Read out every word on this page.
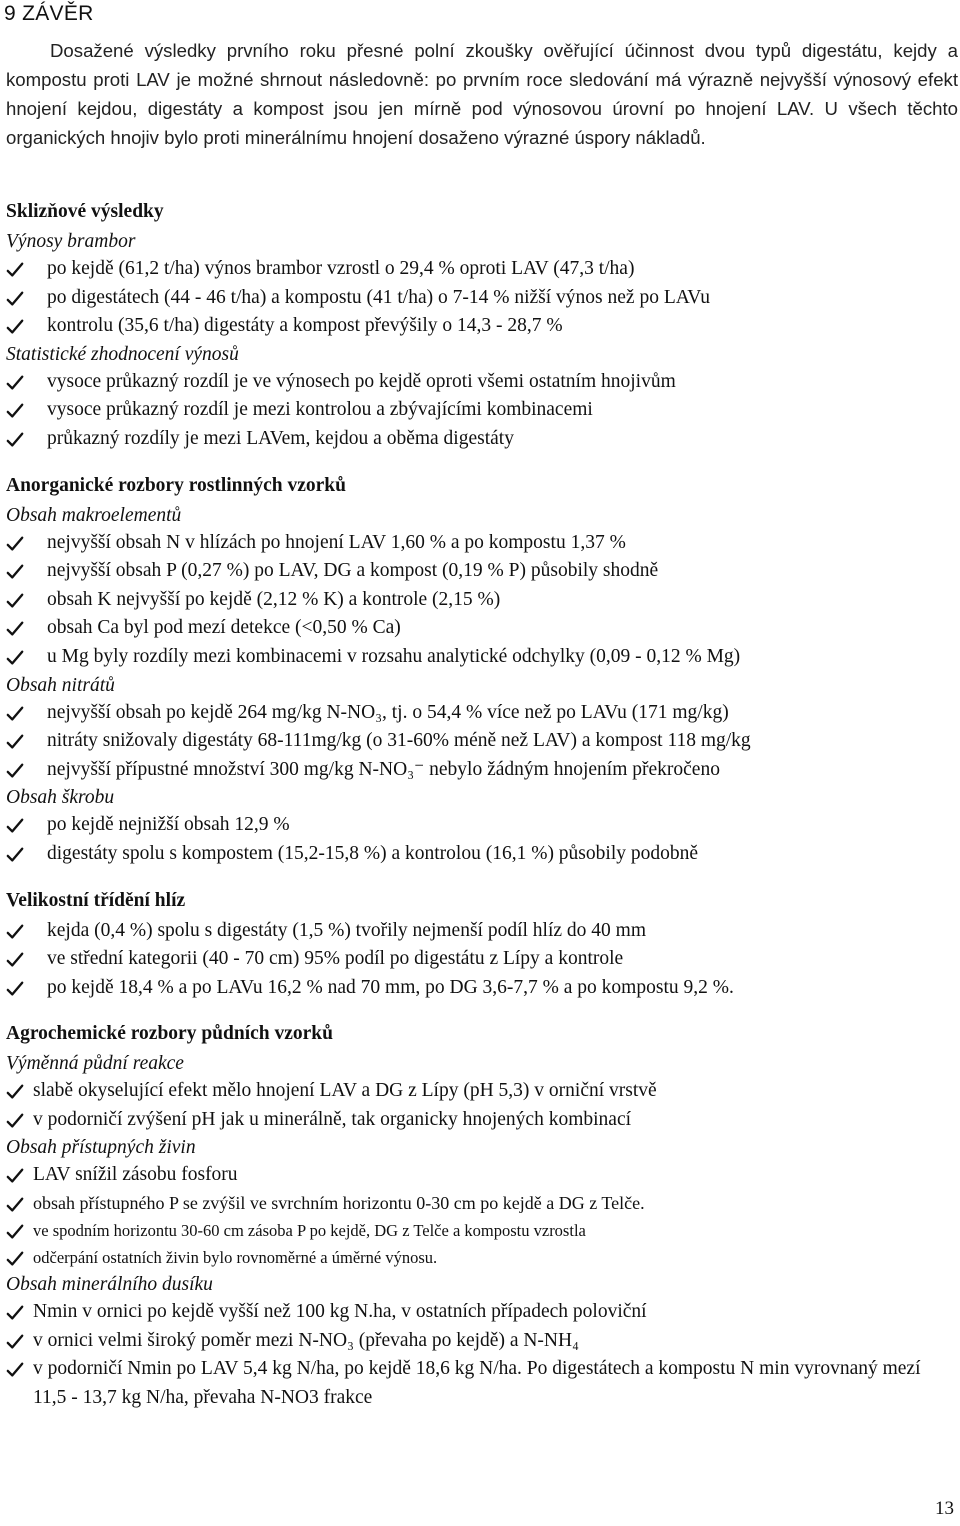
9 ZÁVĚR

Dosažené výsledky prvního roku přesné polní zkoušky ověřující účinnost dvou typů digestátu, kejdy a kompostu proti LAV je možné shrnout následovně: po prvním roce sledování má výrazně nejvyšší výnosový efekt hnojení kejdou, digestáty a kompost jsou jen mírně pod výnosovou úrovní po hnojení LAV. U všech těchto organických hnojiv bylo proti minerálnímu hnojení dosaženo výrazné úspory nákladů.

Sklizňové výsledky
Výnosy brambor
po kejdě (61,2 t/ha) výnos brambor vzrostl o 29,4 % oproti LAV (47,3 t/ha)
po digestátech (44 - 46 t/ha) a kompostu (41 t/ha) o 7-14 % nižší výnos než po LAVu
kontrolu (35,6 t/ha) digestáty a kompost převýšily o 14,3 - 28,7 %
Statistické zhodnocení výnosů
vysoce průkazný rozdíl je ve výnosech po kejdě oproti všemi ostatním hnojivům
vysoce průkazný rozdíl je mezi kontrolou a zbývajícími kombinacemi
průkazný rozdíly je mezi LAVem, kejdou a oběma digestáty
Anorganické rozbory rostlinných vzorků
Obsah makroelementů
nejvyšší obsah N v hlízách po hnojení LAV 1,60 % a po kompostu 1,37 %
nejvyšší obsah P (0,27 %) po LAV, DG a kompost (0,19 % P) působily shodně
obsah K nejvyšší po kejdě (2,12 % K) a kontrole (2,15 %)
obsah Ca byl pod mezí detekce (<0,50 % Ca)
u Mg byly rozdíly mezi kombinacemi v rozsahu analytické odchylky (0,09 - 0,12 % Mg)
Obsah nitrátů
nejvyšší obsah po kejdě 264 mg/kg N-NO₃, tj. o 54,4 % více než po LAVu (171 mg/kg)
nitráty snižovaly digestáty 68-111mg/kg (o 31-60% méně než LAV) a kompost 118 mg/kg
nejvyšší přípustné množství 300 mg/kg N-NO₃⁻ nebylo žádným hnojením překročeno
Obsah škrobu
po kejdě nejnižší obsah 12,9 %
digestáty spolu s kompostem (15,2-15,8 %) a kontrolou (16,1 %) působily podobně
Velikostní třídění hlíz
kejda (0,4 %) spolu s digestáty (1,5 %) tvořily nejmenší podíl hlíz do 40 mm
ve střední kategorii (40 - 70 cm) 95% podíl po digestátu z Lípy a kontrole
po kejdě 18,4 % a po LAVu 16,2 % nad 70 mm, po DG 3,6-7,7 % a po kompostu 9,2 %.
Agrochemické rozbory půdních vzorků
Výměnná půdní reakce
slabě okyselující efekt mělo hnojení LAV a DG z Lípy (pH 5,3) v orniční vrstvě
v podorničí zvýšení pH jak u minerálně, tak organicky hnojených kombinací
Obsah přístupných živin
LAV snížil zásobu fosforu
obsah přístupného P se zvýšil ve svrchním horizontu 0-30 cm po kejdě a DG z Telče.
ve spodním horizontu 30-60 cm zásoba P po kejdě, DG z Telče a kompostu vzrostla
odčerpání ostatních živin bylo rovnoměrné a úměrné výnosu.
Obsah minerálního dusíku
Nmin v ornici po kejdě vyšší než 100 kg N.ha, v ostatních případech poloviční
v ornici velmi široký poměr mezi N-NO₃ (převaha po kejdě) a N-NH₄
v podorničí Nmin po LAV 5,4 kg N/ha, po kejdě 18,6 kg N/ha. Po digestátech a kompostu N min vyrovnaný mezí 11,5 - 13,7 kg N/ha, převaha N-NO3 frakce
13
